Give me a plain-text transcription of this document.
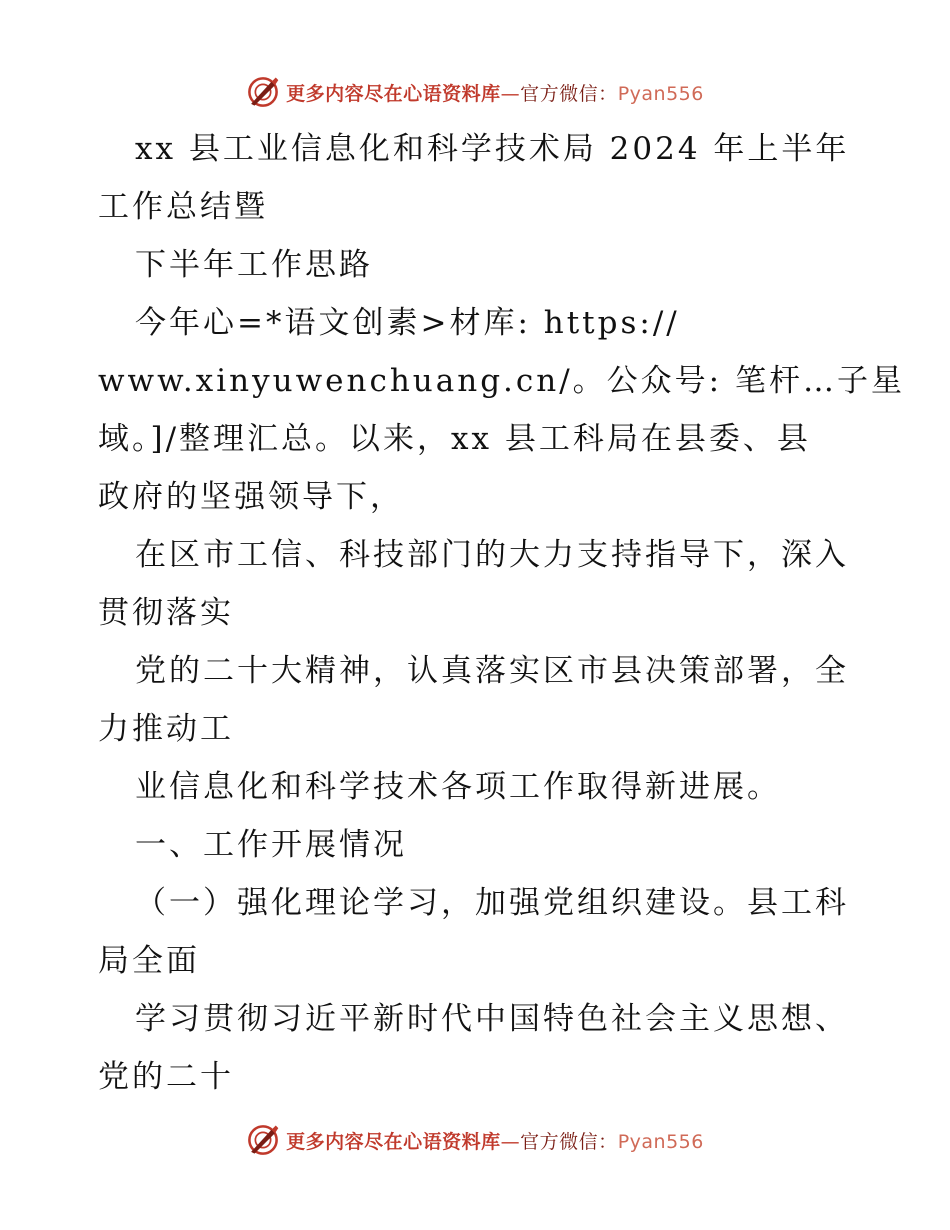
更多内容尽在心语资料库—官方微信：Pyan556
xx 县工业信息化和科学技术局 2024 年上半年
工作总结暨
下半年工作思路
今年心=*语文创素>材库: https://
www.xinyuwenchuang.cn/。公众号: 笔杆…子星
域。]/整理汇总。以来，xx 县工科局在县委、县
政府的坚强领导下，
在区市工信、科技部门的大力支持指导下，深入
贯彻落实
党的二十大精神，认真落实区市县决策部署，全
力推动工
业信息化和科学技术各项工作取得新进展。
一、工作开展情况
（一）强化理论学习，加强党组织建设。县工科
局全面
学习贯彻习近平新时代中国特色社会主义思想、
党的二十
更多内容尽在心语资料库—官方微信：Pyan556
